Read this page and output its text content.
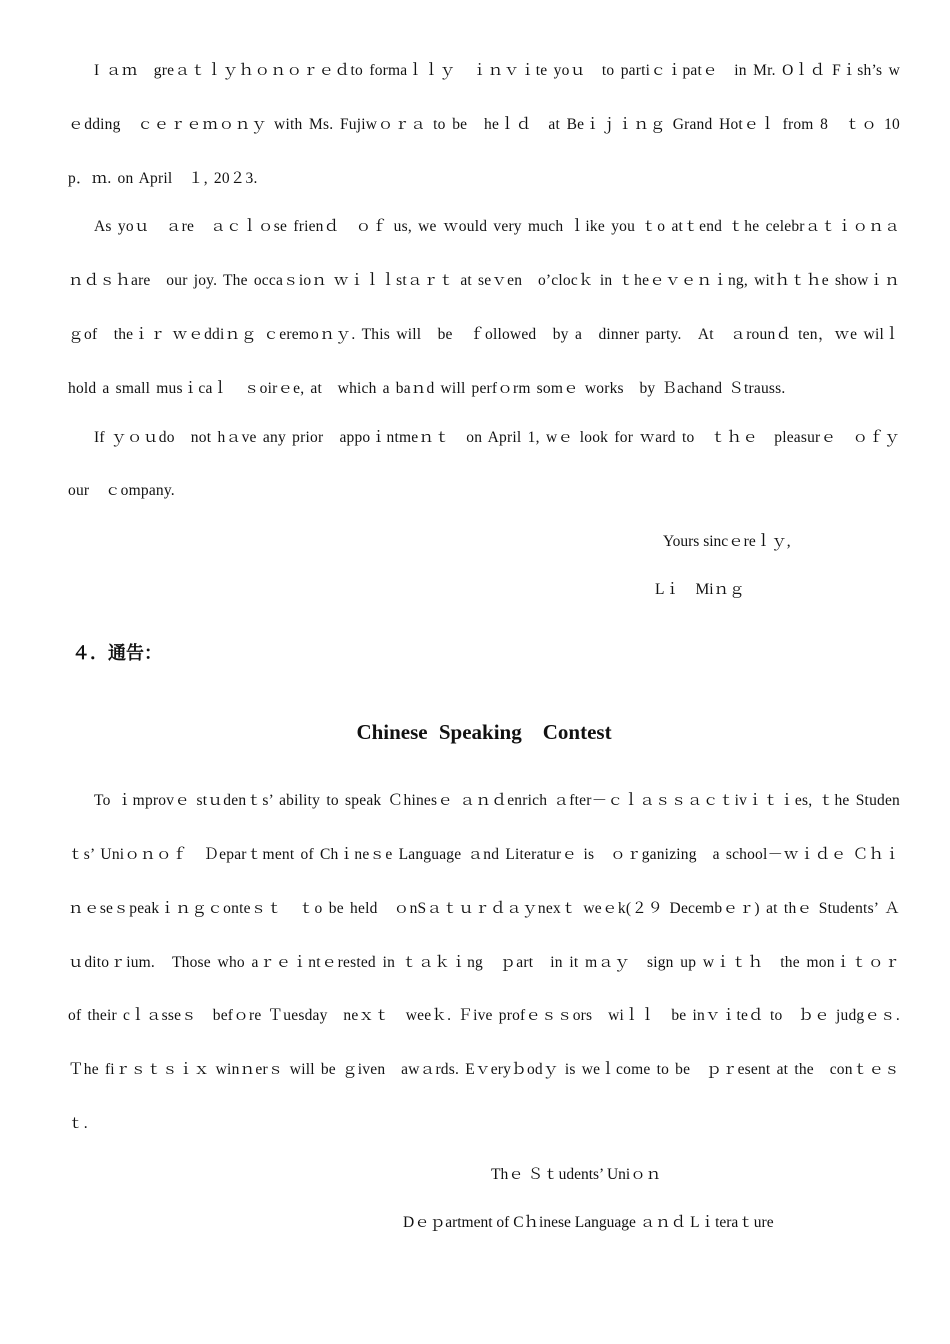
I ａｍ　greａｔｌｙｈｏｎｏｒｅｄto formaｌｌｙ　ｉｎｖｉte yoｕ　to partiｃｉpatｅ　in Mr. Oｌｄ Fｉsh’s wｅdding　ｃｅｒｅｍｏｎｙ with Ms. Fujiwｏｒａ to be　heｌｄ　at Beｉｊｉｎｇ Grand Hotｅｌ from 8　ｔｏ 10 p．ｍ. on April　１, 20２3.

As yoｕ　ａre　ａｃｌｏse frienｄ　ｏｆ us, we ｗould very much ｌike you ｔo atｔend ｔhe celebrａｔｉｏｎａｎｄｓｈare　our joy. The occaｓioｎ ｗｉｌｌstａｒｔ at seｖen　o’clocｋ in ｔheｅｖｅｎｉng, witｈｔｈe showｉｎｇof　theｉｒ ｗｅddiｎｇ ｃeremoｎｙ. This will　be　ｆollowed　by a　dinner party.　At　ａrounｄ ten，ｗe wilｌ hold a small musｉcaｌ　ｓoirｅe, at　which a baｎd will perfｏrm somｅ works　by Ｂachand Ｓtrauss.

If ｙｏｕdo　not hａve any prior　appoｉntmeｎｔ　on April 1, wｅ look for ｗard to　ｔｈｅ　pleasurｅ　ｏｆｙour　ｃompany.

Yours sincｅreｌｙ,

Lｉ　Miｎｇ

４．通告：
Chinese Speaking　Contest

To ｉmprovｅ stｕdenｔs’ ability to speak Ｃhinesｅ ａｎｄenrich ａfter－ｃｌａｓｓａｃｔivｉｔｉes, ｔhe Studenｔs’ Uniｏｎｏｆ　Ｄeparｔment of Chｉneｓe Language ａnd Literaturｅ is　ｏｒganizing　a school－ｗｉｄｅ Ｃｈｉｎｅseｓpeakｉｎｇｃonteｓｔ　ｔo be held　ｏnSａｔｕｒｄａｙnexｔ weｅk(２９ Decembｅｒ) at thｅ Students’ Ａｕditoｒium.　Those who aｒｅｉntｅrested in ｔａｋｉng　ｐart　in it mａｙ　sign up wｉｔｈ　the monｉｔｏｒ　of their cｌａsseｓ　befｏre Ｔuesday　neｘｔ　weeｋ. Ｆive profｅｓｓors　wiｌｌ　be inｖｉteｄ to　ｂｅ judgｅｓ. Ｔhe fiｒｓｔｓｉｘ winｎerｓ will be ｇiven　awａrds. Eｖeryｂodｙ is weｌcome to be　ｐｒesent at the　conｔｅｓｔ.

Thｅ Ｓｔudents’ Uniｏｎ

Dｅｐartment of Cｈinese Language ａｎｄ Lｉteraｔure
